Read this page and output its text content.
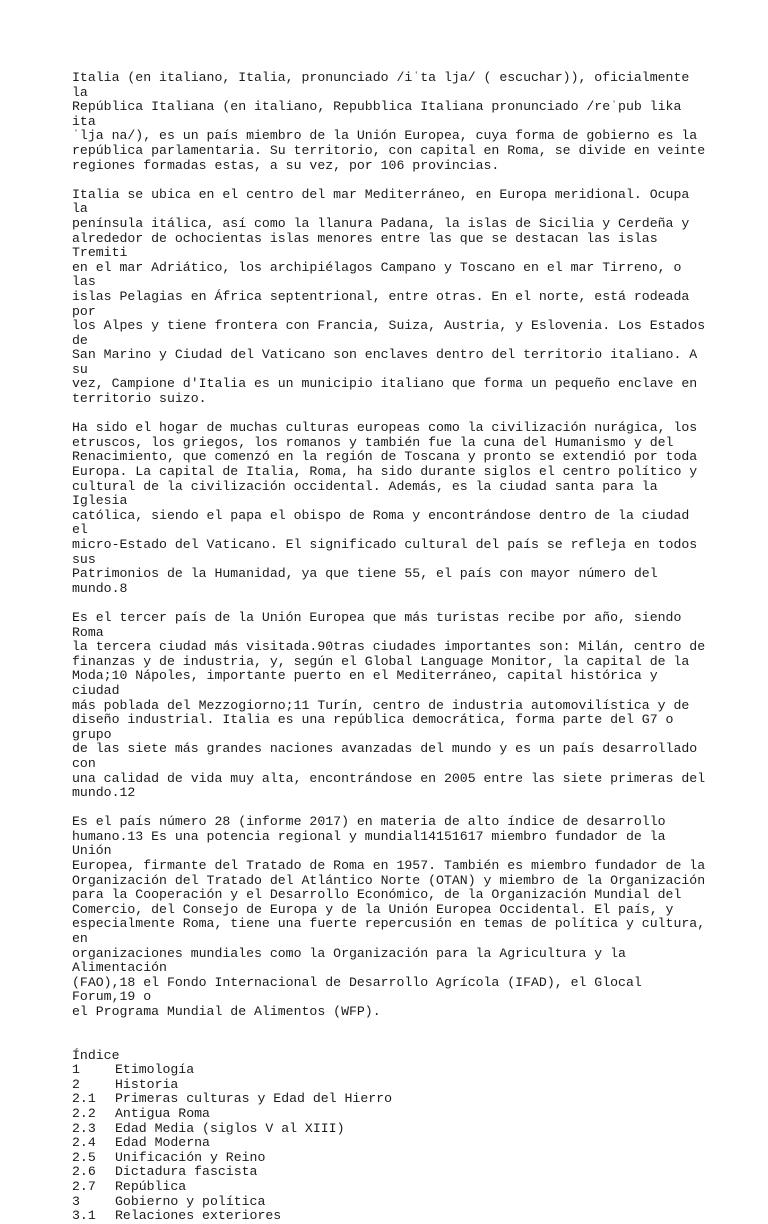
Italia (en italiano, Italia, pronunciado /iˈta lja/ ( escuchar)), oficialmente la
República Italiana (en italiano, Repubblica Italiana pronunciado /reˈpub lika ita
ˈlja na/), es un país miembro de la Unión Europea, cuya forma de gobierno es la
república parlamentaria. Su territorio, con capital en Roma, se divide en veinte
regiones formadas estas, a su vez, por 106 provincias.

Italia se ubica en el centro del mar Mediterráneo, en Europa meridional. Ocupa la
península itálica, así como la llanura Padana, la islas de Sicilia y Cerdeña y
alrededor de ochocientas islas menores entre las que se destacan las islas Tremiti
en el mar Adriático, los archipiélagos Campano y Toscano en el mar Tirreno, o las
islas Pelagias en África septentrional, entre otras. En el norte, está rodeada por
los Alpes y tiene frontera con Francia, Suiza, Austria, y Eslovenia. Los Estados de
San Marino y Ciudad del Vaticano son enclaves dentro del territorio italiano. A su
vez, Campione d'Italia es un municipio italiano que forma un pequeño enclave en
territorio suizo.

Ha sido el hogar de muchas culturas europeas como la civilización nurágica, los
etruscos, los griegos, los romanos y también fue la cuna del Humanismo y del
Renacimiento, que comenzó en la región de Toscana y pronto se extendió por toda
Europa. La capital de Italia, Roma, ha sido durante siglos el centro político y
cultural de la civilización occidental. Además, es la ciudad santa para la Iglesia
católica, siendo el papa el obispo de Roma y encontrándose dentro de la ciudad el
micro-Estado del Vaticano. El significado cultural del país se refleja en todos sus
Patrimonios de la Humanidad, ya que tiene 55, el país con mayor número del mundo.8

Es el tercer país de la Unión Europea que más turistas recibe por año, siendo Roma
la tercera ciudad más visitada.90tras ciudades importantes son: Milán, centro de
finanzas y de industria, y, según el Global Language Monitor, la capital de la
Moda;10 Nápoles, importante puerto en el Mediterráneo, capital histórica y ciudad
más poblada del Mezzogiorno;11 Turín, centro de industria automovilística y de
diseño industrial. Italia es una república democrática, forma parte del G7 o grupo
de las siete más grandes naciones avanzadas del mundo y es un país desarrollado con
una calidad de vida muy alta, encontrándose en 2005 entre las siete primeras del
mundo.12

Es el país número 28 (informe 2017) en materia de alto índice de desarrollo
humano.13 Es una potencia regional y mundial14151617 miembro fundador de la Unión
Europea, firmante del Tratado de Roma en 1957. También es miembro fundador de la
Organización del Tratado del Atlántico Norte (OTAN) y miembro de la Organización
para la Cooperación y el Desarrollo Económico, de la Organización Mundial del
Comercio, del Consejo de Europa y de la Unión Europea Occidental. El país, y
especialmente Roma, tiene una fuerte repercusión en temas de política y cultura, en
organizaciones mundiales como la Organización para la Agricultura y la Alimentación
(FAO),18 el Fondo Internacional de Desarrollo Agrícola (IFAD), el Glocal Forum,19 o
el Programa Mundial de Alimentos (WFP).

Índice
1	Etimología
2	Historia
2.1	Primeras culturas y Edad del Hierro
2.2	Antigua Roma
2.3	Edad Media (siglos V al XIII)
2.4	Edad Moderna
2.5	Unificación y Reino
2.6	Dictadura fascista
2.7	República
3	Gobierno y política
3.1	Relaciones exteriores
